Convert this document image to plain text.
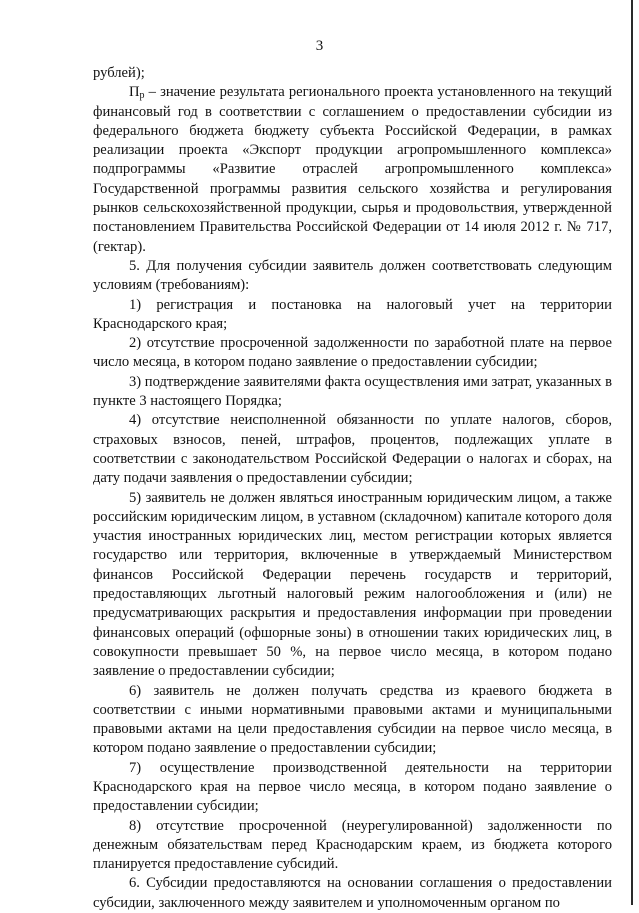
3

рублей);

$П_р$ – значение результата регионального проекта установленного на текущий финансовый год в соответствии с соглашением о предоставлении субсидии из федерального бюджета бюджету субъекта Российской Федерации, в рамках реализации проекта «Экспорт продукции агропромышленного комплекса» подпрограммы «Развитие отраслей агропромышленного комплекса» Государственной программы развития сельского хозяйства и регулирования рынков сельскохозяйственной продукции, сырья и продовольствия, утвержденной постановлением Правительства Российской Федерации от 14 июля 2012 г. № 717, (гектар).

5. Для получения субсидии заявитель должен соответствовать следующим условиям (требованиям):

1) регистрация и постановка на налоговый учет на территории Краснодарского края;

2) отсутствие просроченной задолженности по заработной плате на первое число месяца, в котором подано заявление о предоставлении субсидии;

3) подтверждение заявителями факта осуществления ими затрат, указанных в пункте 3 настоящего Порядка;

4) отсутствие неисполненной обязанности по уплате налогов, сборов, страховых взносов, пеней, штрафов, процентов, подлежащих уплате в соответствии с законодательством Российской Федерации о налогах и сборах, на дату подачи заявления о предоставлении субсидии;

5) заявитель не должен являться иностранным юридическим лицом, а также российским юридическим лицом, в уставном (складочном) капитале которого доля участия иностранных юридических лиц, местом регистрации которых является государство или территория, включенные в утверждаемый Министерством финансов Российской Федерации перечень государств и территорий, предоставляющих льготный налоговый режим налогообложения и (или) не предусматривающих раскрытия и предоставления информации при проведении финансовых операций (офшорные зоны) в отношении таких юридических лиц, в совокупности превышает 50 %, на первое число месяца, в котором подано заявление о предоставлении субсидии;

6) заявитель не должен получать средства из краевого бюджета в соответствии с иными нормативными правовыми актами и муниципальными правовыми актами на цели предоставления субсидии на первое число месяца, в котором подано заявление о предоставлении субсидии;

7) осуществление производственной деятельности на территории Краснодарского края на первое число месяца, в котором подано заявление о предоставлении субсидии;

8) отсутствие просроченной (неурегулированной) задолженности по денежным обязательствам перед Краснодарским краем, из бюджета которого планируется предоставление субсидий.

6. Субсидии предоставляются на основании соглашения о предоставлении субсидии, заключенного между заявителем и уполномоченным органом по
